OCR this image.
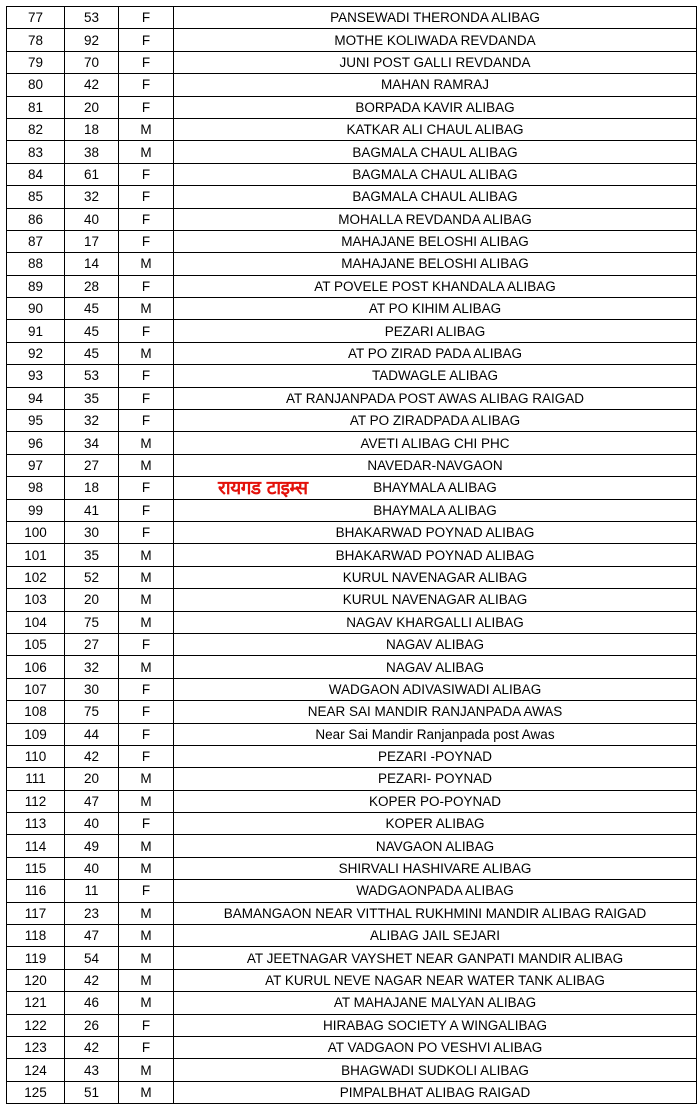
77	53	F	PANSEWADI THERONDA ALIBAG
78	92	F	MOTHE KOLIWADA REVDANDA
79	70	F	JUNI POST GALLI REVDANDA
80	42	F	MAHAN RAMRAJ
81	20	F	BORPADA KAVIR ALIBAG
82	18	M	KATKAR ALI CHAUL ALIBAG
83	38	M	BAGMALA CHAUL ALIBAG
84	61	F	BAGMALA CHAUL ALIBAG
85	32	F	BAGMALA CHAUL ALIBAG
86	40	F	MOHALLA REVDANDA ALIBAG
87	17	F	MAHAJANE BELOSHI ALIBAG
88	14	M	MAHAJANE BELOSHI ALIBAG
89	28	F	AT POVELE POST KHANDALA ALIBAG
90	45	M	AT PO KIHIM ALIBAG
91	45	F	PEZARI ALIBAG
92	45	M	AT PO ZIRAD PADA ALIBAG
93	53	F	TADWAGLE ALIBAG
94	35	F	AT RANJANPADA POST AWAS ALIBAG RAIGAD
95	32	F	AT PO ZIRADPADA ALIBAG
96	34	M	AVETI ALIBAG CHI PHC
97	27	M	NAVEDAR-NAVGAON
98	18	F	BHAYMALA ALIBAG
99	41	F	BHAYMALA ALIBAG
100	30	F	BHAKARWAD POYNAD ALIBAG
101	35	M	BHAKARWAD POYNAD ALIBAG
102	52	M	KURUL NAVENAGAR ALIBAG
103	20	M	KURUL NAVENAGAR ALIBAG
104	75	M	NAGAV KHARGALLI ALIBAG
105	27	F	NAGAV ALIBAG
106	32	M	NAGAV ALIBAG
107	30	F	WADGAON ADIVASIWADI ALIBAG
108	75	F	NEAR SAI MANDIR RANJANPADA AWAS
109	44	F	Near Sai Mandir Ranjanpada post Awas
110	42	F	PEZARI -POYNAD
111	20	M	PEZARI- POYNAD
112	47	M	KOPER PO-POYNAD
113	40	F	KOPER ALIBAG
114	49	M	NAVGAON ALIBAG
115	40	M	SHIRVALI HASHIVARE ALIBAG
116	11	F	WADGAONPADA ALIBAG
117	23	M	BAMANGAON NEAR VITTHAL RUKHMINI MANDIR ALIBAG RAIGAD
118	47	M	ALIBAG JAIL SEJARI
119	54	M	AT JEETNAGAR VAYSHET NEAR GANPATI MANDIR ALIBAG
120	42	M	AT KURUL NEVE NAGAR NEAR WATER TANK ALIBAG
121	46	M	AT MAHAJANE MALYAN ALIBAG
122	26	F	HIRABAG SOCIETY A WINGALIBAG
123	42	F	AT VADGAON PO VESHVI ALIBAG
124	43	M	BHAGWADI SUDKOLI ALIBAG
125	51	M	PIMPALBHAT ALIBAG RAIGAD
रायगड टाइम्स
